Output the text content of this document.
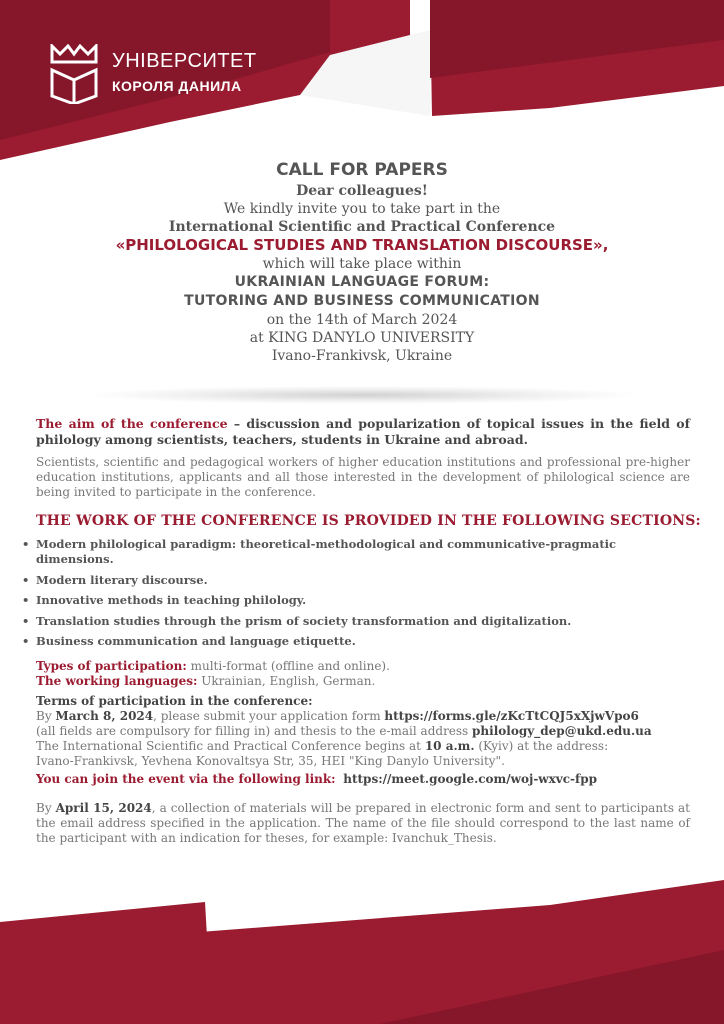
УНІВЕРСИТЕТ
КОРОЛЯ ДАНИЛА
CALL FOR PAPERS
Dear colleagues!
We kindly invite you to take part in the
International Scientific and Practical Conference
«PHILOLOGICAL STUDIES AND TRANSLATION DISCOURSE»,
which will take place within
UKRAINIAN LANGUAGE FORUM:
TUTORING AND BUSINESS COMMUNICATION
on the 14th of March 2024
at KING DANYLO UNIVERSITY
Ivano-Frankivsk, Ukraine
The aim of the conference – discussion and popularization of topical issues in the field of philology among scientists, teachers, students in Ukraine and abroad.
Scientists, scientific and pedagogical workers of higher education institutions and professional pre-higher education institutions, applicants and all those interested in the development of philological science are being invited to participate in the conference.
THE WORK OF THE CONFERENCE IS PROVIDED IN THE FOLLOWING SECTIONS:
• Modern philological paradigm: theoretical-methodological and communicative-pragmatic dimensions.
• Modern literary discourse.
• Innovative methods in teaching philology.
• Translation studies through the prism of society transformation and digitalization.
• Business communication and language etiquette.
Types of participation: multi-format (offline and online).
The working languages: Ukrainian, English, German.
Terms of participation in the conference:
By March 8, 2024, please submit your application form https://forms.gle/zKcTtCQJ5xXjwVpo6
(all fields are compulsory for filling in) and thesis to the e-mail address philology_dep@ukd.edu.ua
The International Scientific and Practical Conference begins at 10 a.m. (Kyiv) at the address:
Ivano-Frankivsk, Yevhena Konovaltsya Str, 35, HEI "King Danylo University".
You can join the event via the following link: https://meet.google.com/woj-wxvc-fpp
By April 15, 2024, a collection of materials will be prepared in electronic form and sent to participants at the email address specified in the application. The name of the file should correspond to the last name of the participant with an indication for theses, for example: Ivanchuk_Thesis.
